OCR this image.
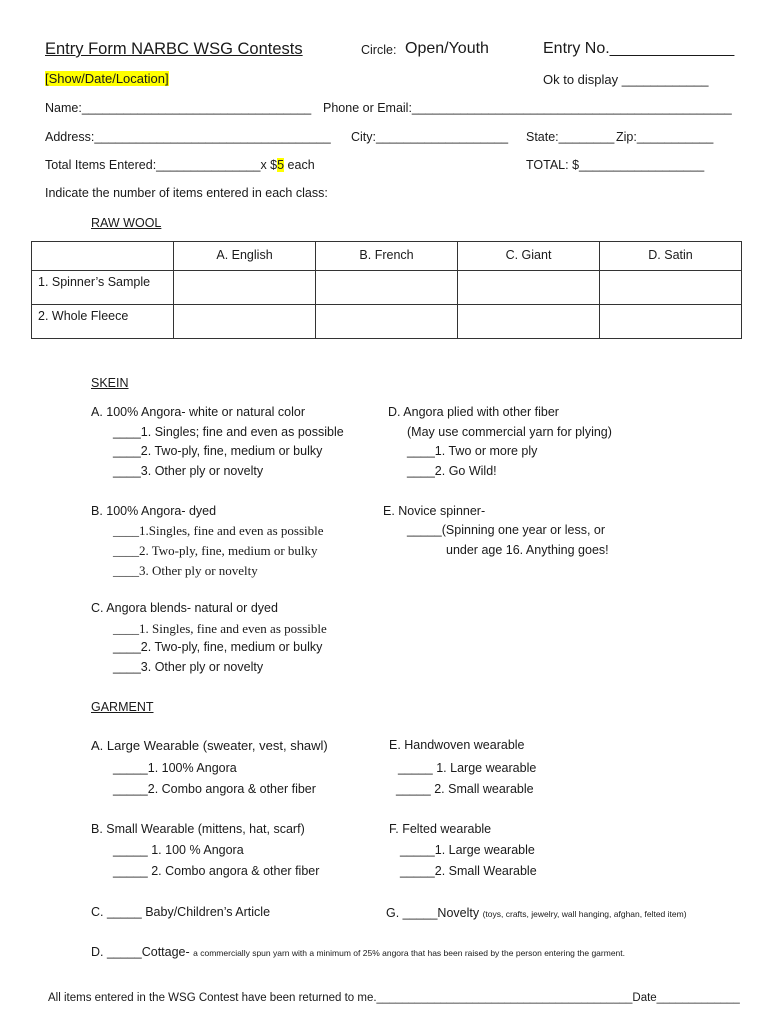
Entry Form NARBC WSG Contests	Circle: Open/Youth	Entry No.______________
[Show/Date/Location]	Ok to display ____________
Name:_________________________________ Phone or Email:______________________________________________
Address:__________________________________ City:___________________ State:________ Zip:___________
Total Items Entered:_______________x $5 each	TOTAL: $__________________
Indicate the number of items entered in each class:
RAW WOOL

	A. English	B. French	C. Giant	D. Satin

1. Spinner’s Sample				

2. Whole Fleece				

SKEIN
A. 100% Angora- white or natural color
____1. Singles; fine and even as possible
____2. Two-ply, fine, medium or bulky
____3. Other ply or novelty
B. 100% Angora- dyed
____1.Singles, fine and even as possible
____2. Two-ply, fine, medium or bulky
____3. Other ply or novelty
C. Angora blends- natural or dyed
____1. Singles, fine and even as possible
____2. Two-ply, fine, medium or bulky
____3. Other ply or novelty
D. Angora plied with other fiber
(May use commercial yarn for plying)
____1. Two or more ply
____2. Go Wild!
E. Novice spinner-
_____(Spinning one year or less, or
under age 16. Anything goes!
GARMENT
A. Large Wearable (sweater, vest, shawl)
_____1. 100% Angora
_____2. Combo angora & other fiber
B. Small Wearable (mittens, hat, scarf)
_____ 1. 100 % Angora
_____ 2. Combo angora & other fiber
C. _____ Baby/Children’s Article
D. _____Cottage- a commercially spun yarn with a minimum of 25% angora that has been raised by the person entering the garment.
E. Handwoven wearable
_____ 1. Large wearable
_____ 2. Small wearable
F. Felted wearable
_____1. Large wearable
_____2. Small Wearable
G. _____Novelty (toys, crafts, jewelry, wall hanging, afghan, felted item)
All items entered in the WSG Contest have been returned to me.________________________________________Date_____________
